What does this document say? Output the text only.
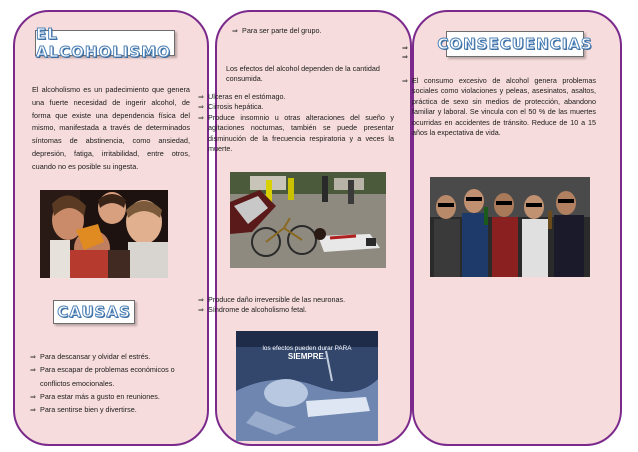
EL ALCOHOLISMO
El alcoholismo es un padecimiento que genera una fuerte necesidad de ingerir alcohol, de forma que existe una dependencia física del mismo, manifestada a través de determinados síntomas de abstinencia, como ansiedad, depresión, fatiga, irritabilidad, entre otros, cuando no es posible su ingesta.
CAUSAS
⇒ Para descansar y olvidar el estrés.
⇒ Para escapar de problemas económicos o conflictos emocionales.
⇒ Para estar más a gusto en reuniones.
⇒ Para sentirse bien y divertirse.
⇒ Para ser parte del grupo.
Los efectos del alcohol dependen de la cantidad consumida.
⇒ Ulceras en el estómago.
⇒ Cirrosis hepática.
⇒ Produce insomnio u otras alteraciones del sueño y agitaciones nocturnas, también se puede presentar disminución de la frecuencia respiratoria y a veces la muerte.
⇒ Produce daño irreversible de las neuronas.
⇒ Síndrome de alcoholismo fetal.
los efectos pueden durar PARA
SIEMPRE.
⇒
⇒
CONSECUENCIAS
⇒ El consumo excesivo de alcohol genera problemas sociales como violaciones y peleas, asesinatos, asaltos, práctica de sexo sin medios de protección, abandono familiar y laboral. Se vincula con el 50 % de las muertes ocurridas en accidentes de tránsito. Reduce de 10 a 15 años la expectativa de vida.
